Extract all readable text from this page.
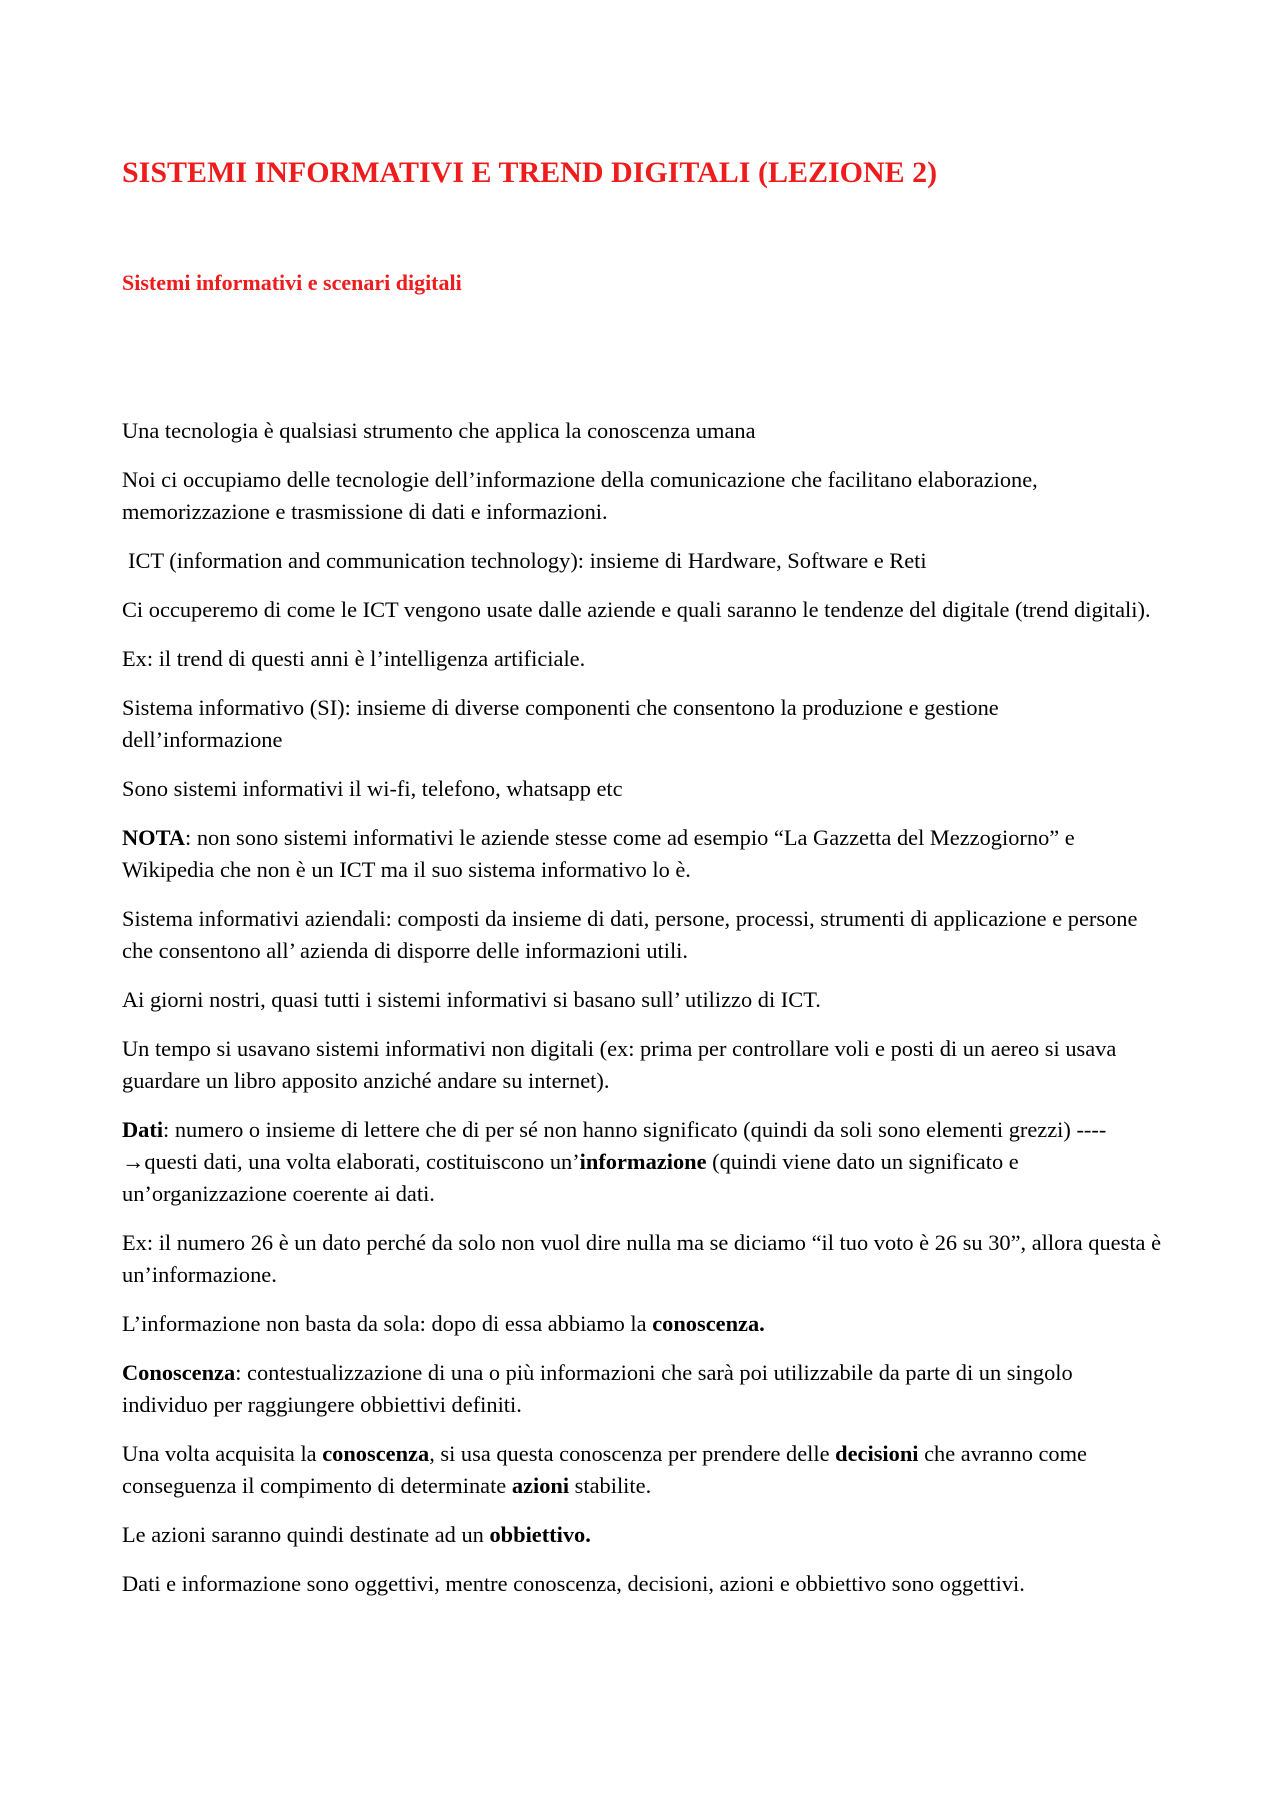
SISTEMI INFORMATIVI E TREND DIGITALI (LEZIONE 2)
Sistemi informativi e scenari digitali

Una tecnologia è qualsiasi strumento che applica la conoscenza umana

Noi ci occupiamo delle tecnologie dell’informazione della comunicazione che facilitano elaborazione, memorizzazione e trasmissione di dati e informazioni.

ICT (information and communication technology): insieme di Hardware, Software e Reti

Ci occuperemo di come le ICT vengono usate dalle aziende e quali saranno le tendenze del digitale (trend digitali).

Ex: il trend di questi anni è l’intelligenza artificiale.

Sistema informativo (SI): insieme di diverse componenti che consentono la produzione e gestione dell’informazione

Sono sistemi informativi il wi-fi, telefono, whatsapp etc

NOTA: non sono sistemi informativi le aziende stesse come ad esempio “La Gazzetta del Mezzogiorno” e Wikipedia che non è un ICT ma il suo sistema informativo lo è.

Sistema informativi aziendali: composti da insieme di dati, persone, processi, strumenti di applicazione e persone che consentono all’ azienda di disporre delle informazioni utili.

Ai giorni nostri, quasi tutti i sistemi informativi si basano sull’ utilizzo di ICT.

Un tempo si usavano sistemi informativi non digitali (ex: prima per controllare voli e posti di un aereo si usava guardare un libro apposito anziché andare su internet).

Dati: numero o insieme di lettere che di per sé non hanno significato (quindi da soli sono elementi grezzi) ----→questi dati, una volta elaborati, costituiscono un’informazione (quindi viene dato un significato e un’organizzazione coerente ai dati.

Ex: il numero 26 è un dato perché da solo non vuol dire nulla ma se diciamo “il tuo voto è 26 su 30”, allora questa è un’informazione.

L’informazione non basta da sola: dopo di essa abbiamo la conoscenza.

Conoscenza: contestualizzazione di una o più informazioni che sarà poi utilizzabile da parte di un singolo individuo per raggiungere obbiettivi definiti.

Una volta acquisita la conoscenza, si usa questa conoscenza per prendere delle decisioni che avranno come conseguenza il compimento di determinate azioni stabilite.

Le azioni saranno quindi destinate ad un obbiettivo.

Dati e informazione sono oggettivi, mentre conoscenza, decisioni, azioni e obbiettivo sono oggettivi.
